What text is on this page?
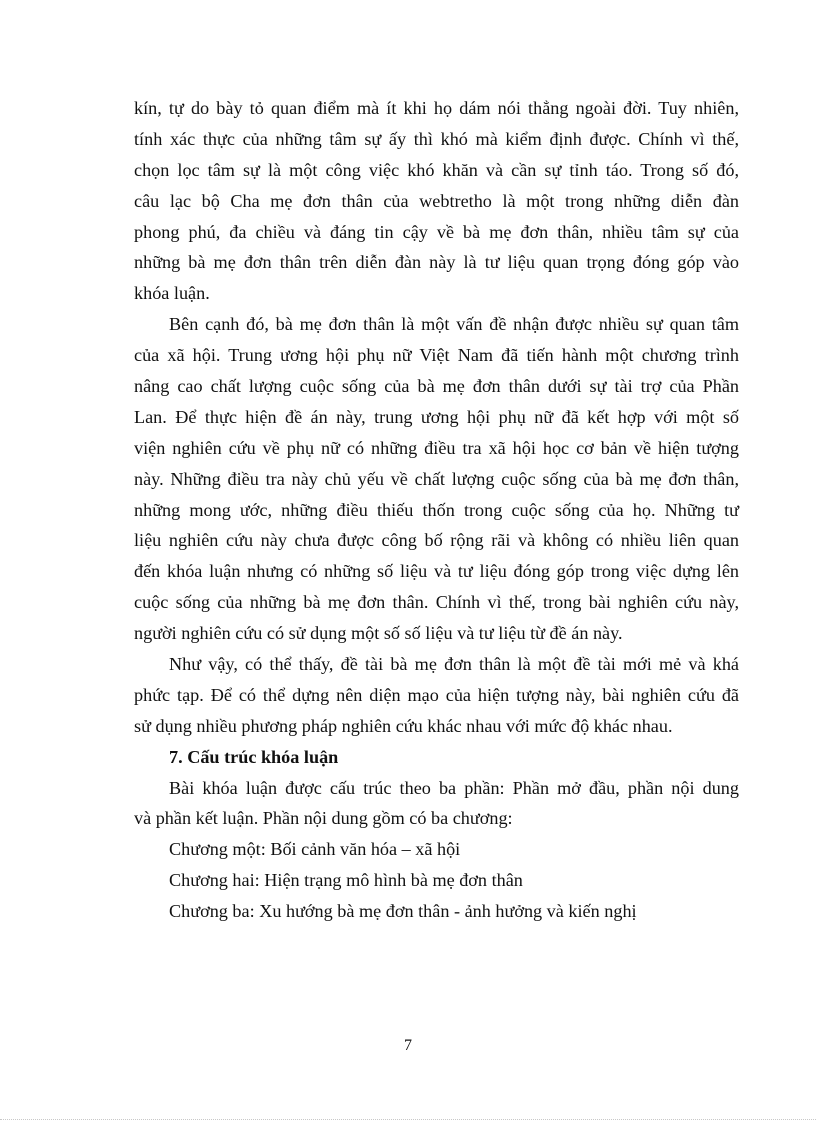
kín, tự do bày tỏ quan điểm mà ít khi họ dám nói thẳng ngoài đời. Tuy nhiên,
tính xác thực của những tâm sự ấy thì khó mà kiểm định được. Chính vì thế,
chọn lọc tâm sự là một công việc khó khăn và cần sự tỉnh táo. Trong số đó,
câu lạc bộ Cha mẹ đơn thân của webtretho là một trong những diễn đàn
phong phú, đa chiều và đáng tin cậy về bà mẹ đơn thân, nhiều tâm sự của
những bà mẹ đơn thân trên diễn đàn này là tư liệu quan trọng đóng góp vào
khóa luận.
Bên cạnh đó, bà mẹ đơn thân là một vấn đề nhận được nhiều sự quan tâm
của xã hội. Trung ương hội phụ nữ Việt Nam đã tiến hành một chương trình
nâng cao chất lượng cuộc sống của bà mẹ đơn thân dưới sự tài trợ của Phần
Lan. Để thực hiện đề án này, trung ương hội phụ nữ đã kết hợp với một số
viện nghiên cứu về phụ nữ có những điều tra xã hội học cơ bản về hiện tượng
này. Những điều tra này chủ yếu về chất lượng cuộc sống của bà mẹ đơn thân,
những mong ước, những điều thiếu thốn trong cuộc sống của họ. Những tư
liệu nghiên cứu này chưa được công bố rộng rãi và không có nhiều liên quan
đến khóa luận nhưng có những số liệu và tư liệu đóng góp trong việc dựng lên
cuộc sống của những bà mẹ đơn thân. Chính vì thế, trong bài nghiên cứu này,
người nghiên cứu có sử dụng một số số liệu và tư liệu từ đề án này.
Như vậy, có thể thấy, đề tài bà mẹ đơn thân là một đề tài mới mẻ và khá
phức tạp. Để có thể dựng nên diện mạo của hiện tượng này, bài nghiên cứu đã
sử dụng nhiều phương pháp nghiên cứu khác nhau với mức độ khác nhau.
7. Cấu trúc khóa luận
Bài khóa luận được cấu trúc theo ba phần: Phần mở đầu, phần nội dung
và phần kết luận. Phần nội dung gồm có ba chương:
Chương một: Bối cảnh văn hóa – xã hội
Chương hai: Hiện trạng mô hình bà mẹ đơn thân
Chương ba: Xu hướng bà mẹ đơn thân - ảnh hưởng và kiến nghị
7
